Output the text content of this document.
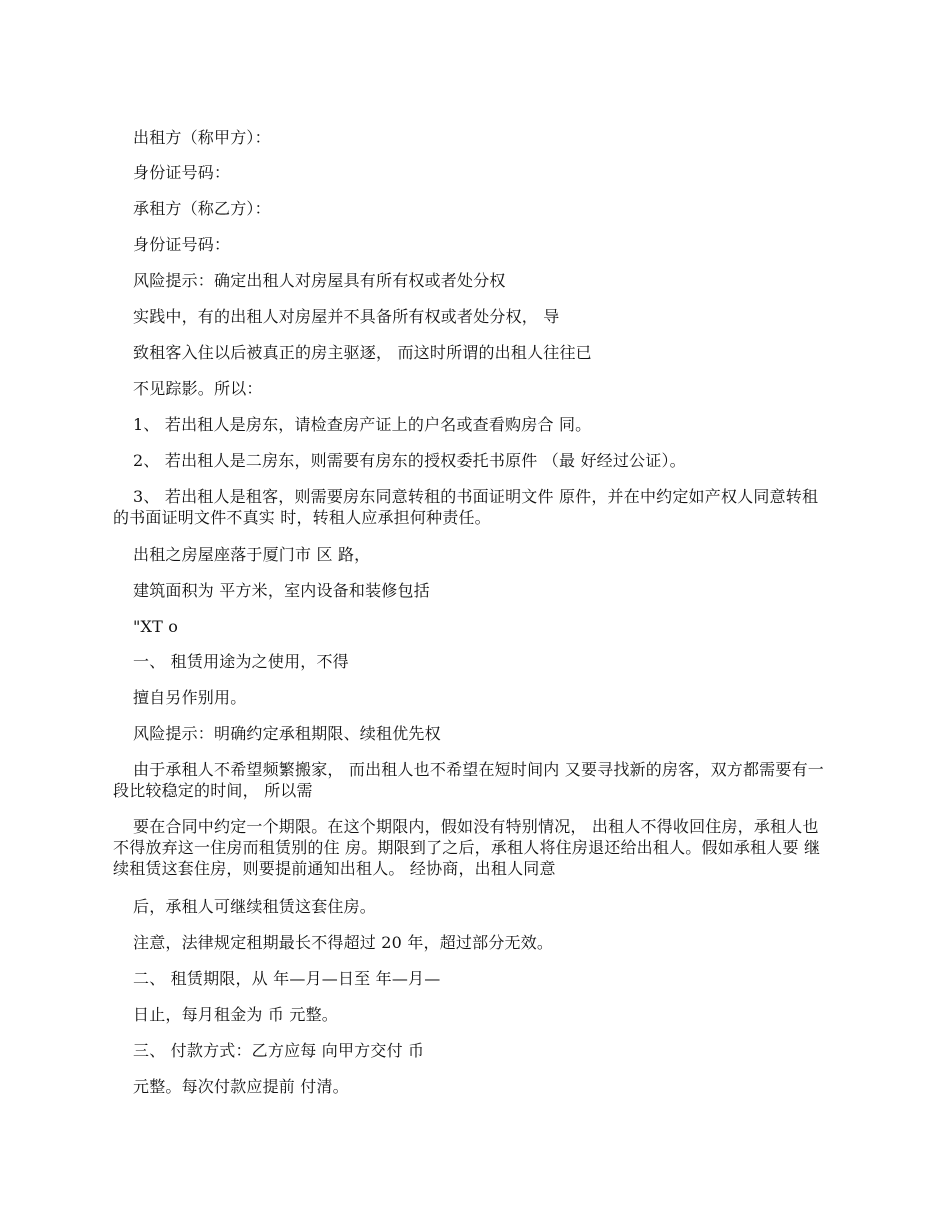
出租方（称甲方）：
身份证号码：
承租方（称乙方）：
身份证号码：
风险提示：确定出租人对房屋具有所有权或者处分权
实践中，有的出租人对房屋并不具备所有权或者处分权， 导
致租客入住以后被真正的房主驱逐， 而这时所谓的出租人往往已
不见踪影。所以：
1、 若出租人是房东，请检查房产证上的户名或查看购房合 同。
2、 若出租人是二房东，则需要有房东的授权委托书原件 （最 好经过公证）。
3、 若出租人是租客，则需要房东同意转租的书面证明文件 原件，并在中约定如产权人同意转租的书面证明文件不真实 时，转租人应承担何种责任。
出租之房屋座落于厦门市 区 路，
建筑面积为 平方米，室内设备和装修包括
"XT o
一、 租赁用途为之使用，不得
擅自另作别用。
风险提示：明确约定承租期限、续租优先权
由于承租人不希望频繁搬家， 而出租人也不希望在短时间内 又要寻找新的房客，双方都需要有一段比较稳定的时间， 所以需
要在合同中约定一个期限。在这个期限内，假如没有特别情况， 出租人不得收回住房，承租人也不得放弃这一住房而租赁别的住 房。期限到了之后，承租人将住房退还给出租人。假如承租人要 继续租赁这套住房，则要提前通知出租人。 经协商，出租人同意
后，承租人可继续租赁这套住房。
注意，法律规定租期最长不得超过 20 年，超过部分无效。
二、 租赁期限，从 年—月—日至 年—月—
日止，每月租金为 币 元整。
三、 付款方式：乙方应每 向甲方交付 币
元整。每次付款应提前 付清。
